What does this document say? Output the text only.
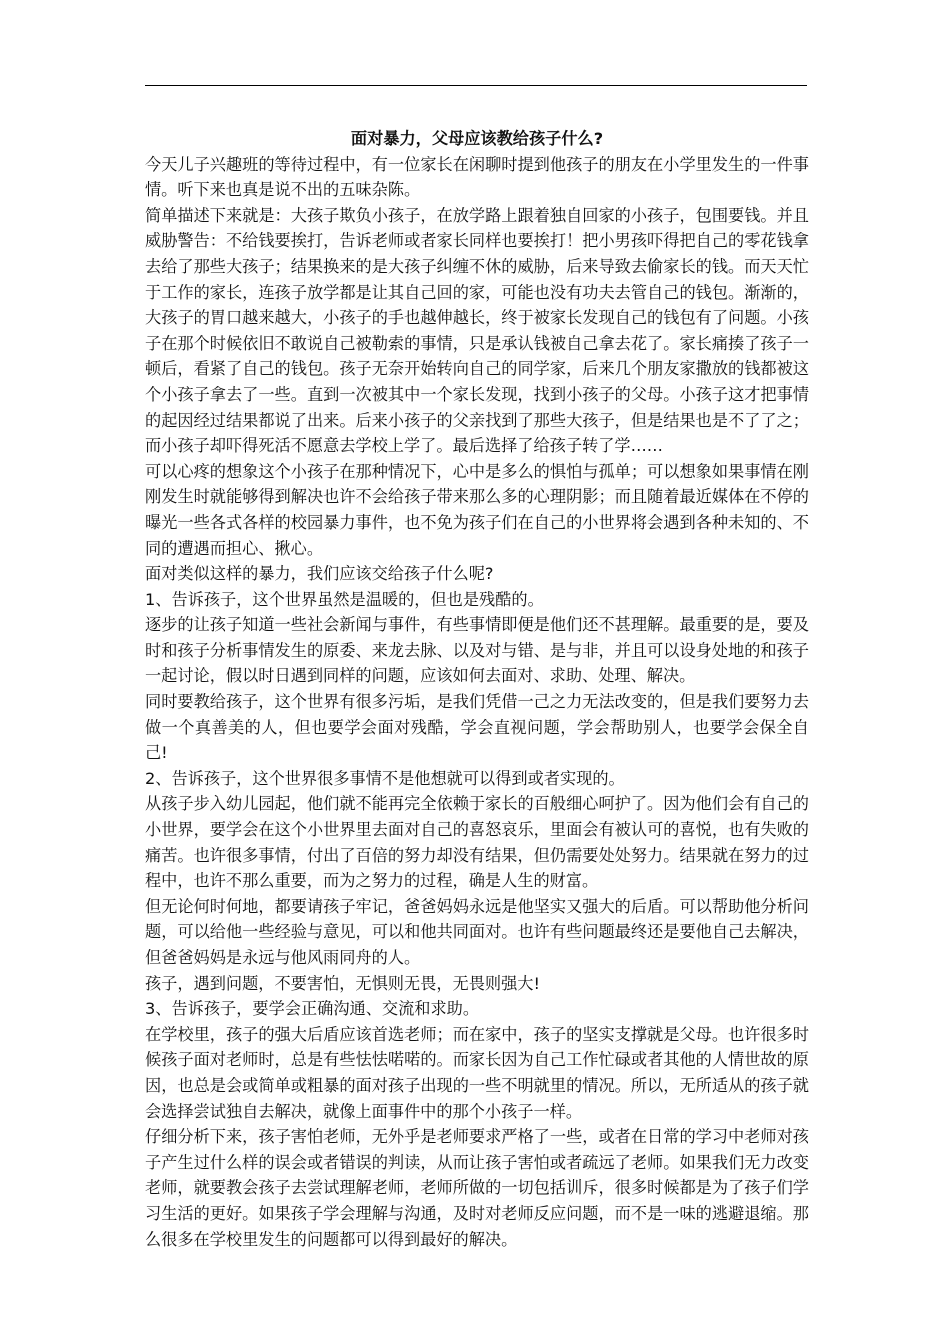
面对暴力，父母应该教给孩子什么?

今天儿子兴趣班的等待过程中，有一位家长在闲聊时提到他孩子的朋友在小学里发生的一件事情。听下来也真是说不出的五味杂陈。

简单描述下来就是：大孩子欺负小孩子，在放学路上跟着独自回家的小孩子，包围要钱。并且威胁警告：不给钱要挨打，告诉老师或者家长同样也要挨打！把小男孩吓得把自己的零花钱拿去给了那些大孩子；结果换来的是大孩子纠缠不休的威胁，后来导致去偷家长的钱。而天天忙于工作的家长，连孩子放学都是让其自己回的家，可能也没有功夫去管自己的钱包。渐渐的，大孩子的胃口越来越大，小孩子的手也越伸越长，终于被家长发现自己的钱包有了问题。小孩子在那个时候依旧不敢说自己被勒索的事情，只是承认钱被自己拿去花了。家长痛揍了孩子一顿后，看紧了自己的钱包。孩子无奈开始转向自己的同学家，后来几个朋友家撒放的钱都被这个小孩子拿去了一些。直到一次被其中一个家长发现，找到小孩子的父母。小孩子这才把事情的起因经过结果都说了出来。后来小孩子的父亲找到了那些大孩子，但是结果也是不了了之；而小孩子却吓得死活不愿意去学校上学了。最后选择了给孩子转了学……

可以心疼的想象这个小孩子在那种情况下，心中是多么的惧怕与孤单；可以想象如果事情在刚刚发生时就能够得到解决也许不会给孩子带来那么多的心理阴影；而且随着最近媒体在不停的曝光一些各式各样的校园暴力事件，也不免为孩子们在自己的小世界将会遇到各种未知的、不同的遭遇而担心、揪心。

面对类似这样的暴力，我们应该交给孩子什么呢?

1、告诉孩子，这个世界虽然是温暖的，但也是残酷的。

逐步的让孩子知道一些社会新闻与事件，有些事情即便是他们还不甚理解。最重要的是，要及时和孩子分析事情发生的原委、来龙去脉、以及对与错、是与非，并且可以设身处地的和孩子一起讨论，假以时日遇到同样的问题，应该如何去面对、求助、处理、解决。

同时要教给孩子，这个世界有很多污垢，是我们凭借一己之力无法改变的，但是我们要努力去做一个真善美的人，但也要学会面对残酷，学会直视问题，学会帮助别人，也要学会保全自己!

2、告诉孩子，这个世界很多事情不是他想就可以得到或者实现的。

从孩子步入幼儿园起，他们就不能再完全依赖于家长的百般细心呵护了。因为他们会有自己的小世界，要学会在这个小世界里去面对自己的喜怒哀乐，里面会有被认可的喜悦，也有失败的痛苦。也许很多事情，付出了百倍的努力却没有结果，但仍需要处处努力。结果就在努力的过程中，也许不那么重要，而为之努力的过程，确是人生的财富。

但无论何时何地，都要请孩子牢记，爸爸妈妈永远是他坚实又强大的后盾。可以帮助他分析问题，可以给他一些经验与意见，可以和他共同面对。也许有些问题最终还是要他自己去解决，但爸爸妈妈是永远与他风雨同舟的人。

孩子，遇到问题，不要害怕，无惧则无畏，无畏则强大!

3、告诉孩子，要学会正确沟通、交流和求助。

在学校里，孩子的强大后盾应该首选老师；而在家中，孩子的坚实支撑就是父母。也许很多时候孩子面对老师时，总是有些怯怯喏喏的。而家长因为自己工作忙碌或者其他的人情世故的原因，也总是会或简单或粗暴的面对孩子出现的一些不明就里的情况。所以，无所适从的孩子就会选择尝试独自去解决，就像上面事件中的那个小孩子一样。

仔细分析下来，孩子害怕老师，无外乎是老师要求严格了一些，或者在日常的学习中老师对孩子产生过什么样的误会或者错误的判读，从而让孩子害怕或者疏远了老师。如果我们无力改变老师，就要教会孩子去尝试理解老师，老师所做的一切包括训斥，很多时候都是为了孩子们学习生活的更好。如果孩子学会理解与沟通，及时对老师反应问题，而不是一味的逃避退缩。那么很多在学校里发生的问题都可以得到最好的解决。
